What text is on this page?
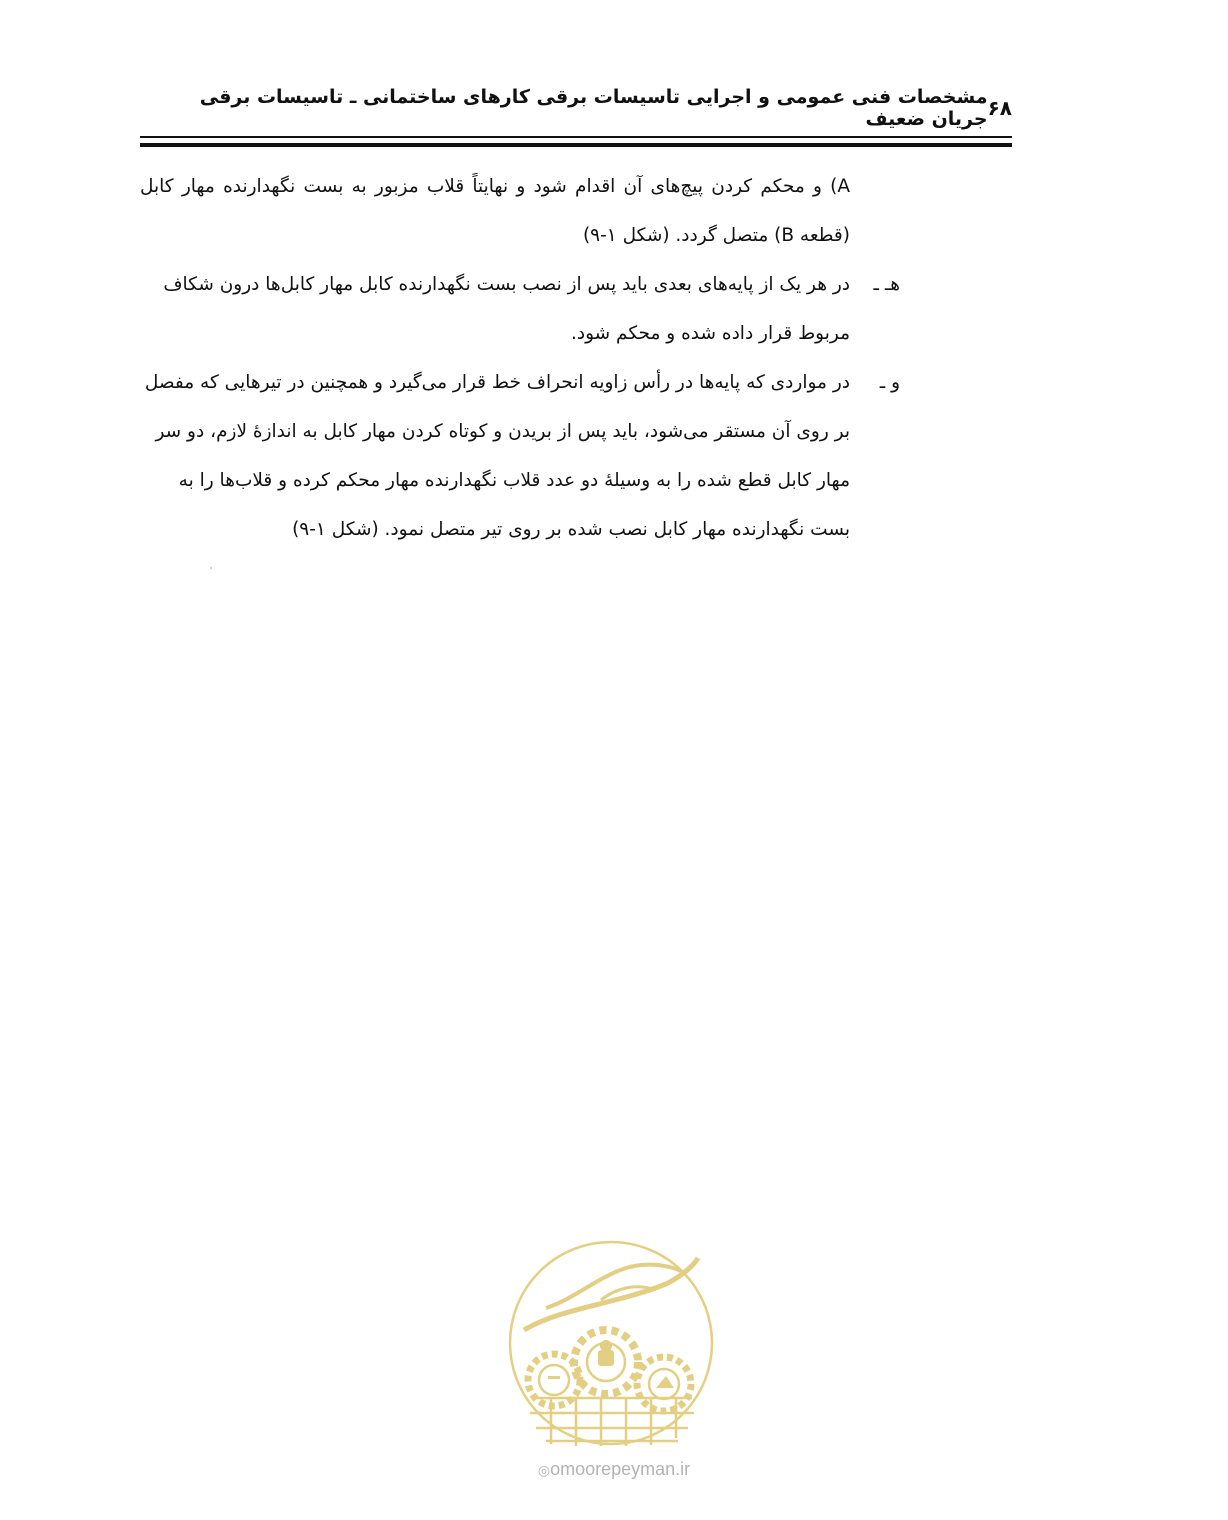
۶۸
مشخصات فنی عمومی و اجرایی تاسیسات برقی کارهای ساختمانی ـ تاسیسات برقی جریان ضعیف
A) و محکم کردن پیچ‌های آن اقدام شود و نهایتاً قلاب مزبور به بست نگهدارنده مهار کابل (قطعه B) متصل گردد. (شکل ۱-۹)
هـ ـ
در هر یک از پایه‌های بعدی باید پس از نصب بست نگهدارنده کابل مهار کابل‌ها درون شکاف مربوط قرار داده شده و محکم شود.
و ـ
در مواردی که پایه‌ها در رأس زاویه انحراف خط قرار می‌گیرد و همچنین در تیرهایی که مفصل بر روی آن مستقر می‌شود، باید پس از بریدن و کوتاه کردن مهار کابل به اندازهٔ لازم، دو سر مهار کابل قطع شده را به وسیلهٔ دو عدد قلاب نگهدارنده مهار محکم کرده و قلاب‌ها را به بست نگهدارنده مهار کابل نصب شده بر روی تیر متصل نمود. (شکل ۱-۹)
◎omoorepeyman.ir
